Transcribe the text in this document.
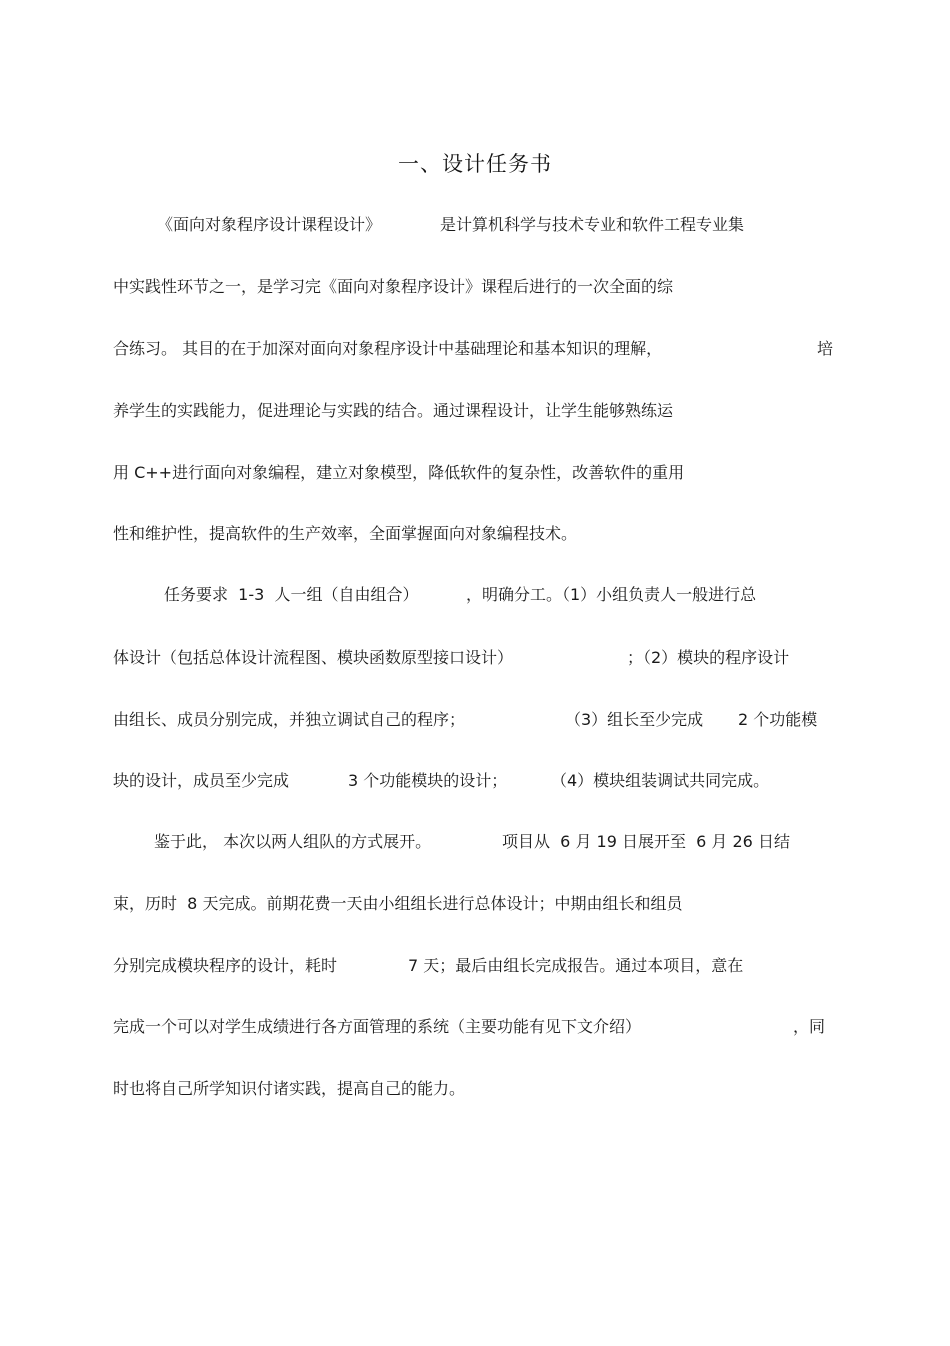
一、设计任务书

《面向对象程序设计课程设计》

	是计算机科学与技术专业和软件工程专业集

中实践性环节之一，是学习完《面向对象程序设计》课程后进行的一次全面的综

合练习。 其目的在于加深对面向对象程序设计中基础理论和基本知识的理解，

	培

养学生的实践能力，促进理论与实践的结合。通过课程设计，让学生能够熟练运

用 C++进行面向对象编程，建立对象模型，降低软件的复杂性，改善软件的重用

性和维护性，提高软件的生产效率，全面掌握面向对象编程技术。

任务要求  1-3  人一组（自由组合）

	，明确分工。（1）小组负责人一般进行总

体设计（包括总体设计流程图、模块函数原型接口设计）

	；（2）模块的程序设计

由组长、成员分别完成，并独立调试自己的程序；

	（3）组长至少完成

2 个功能模

块的设计，成员至少完成

	3 个功能模块的设计；

	（4）模块组装调试共同完成。

鉴于此， 本次以两人组队的方式展开。

	项目从  6 月 19 日展开至  6 月 26 日结

束，历时  8 天完成。前期花费一天由小组组长进行总体设计；中期由组长和组员

分别完成模块程序的设计，耗时

	7 天；最后由组长完成报告。通过本项目，意在

完成一个可以对学生成绩进行各方面管理的系统（主要功能有见下文介绍）

	，同

时也将自己所学知识付诸实践，提高自己的能力。
